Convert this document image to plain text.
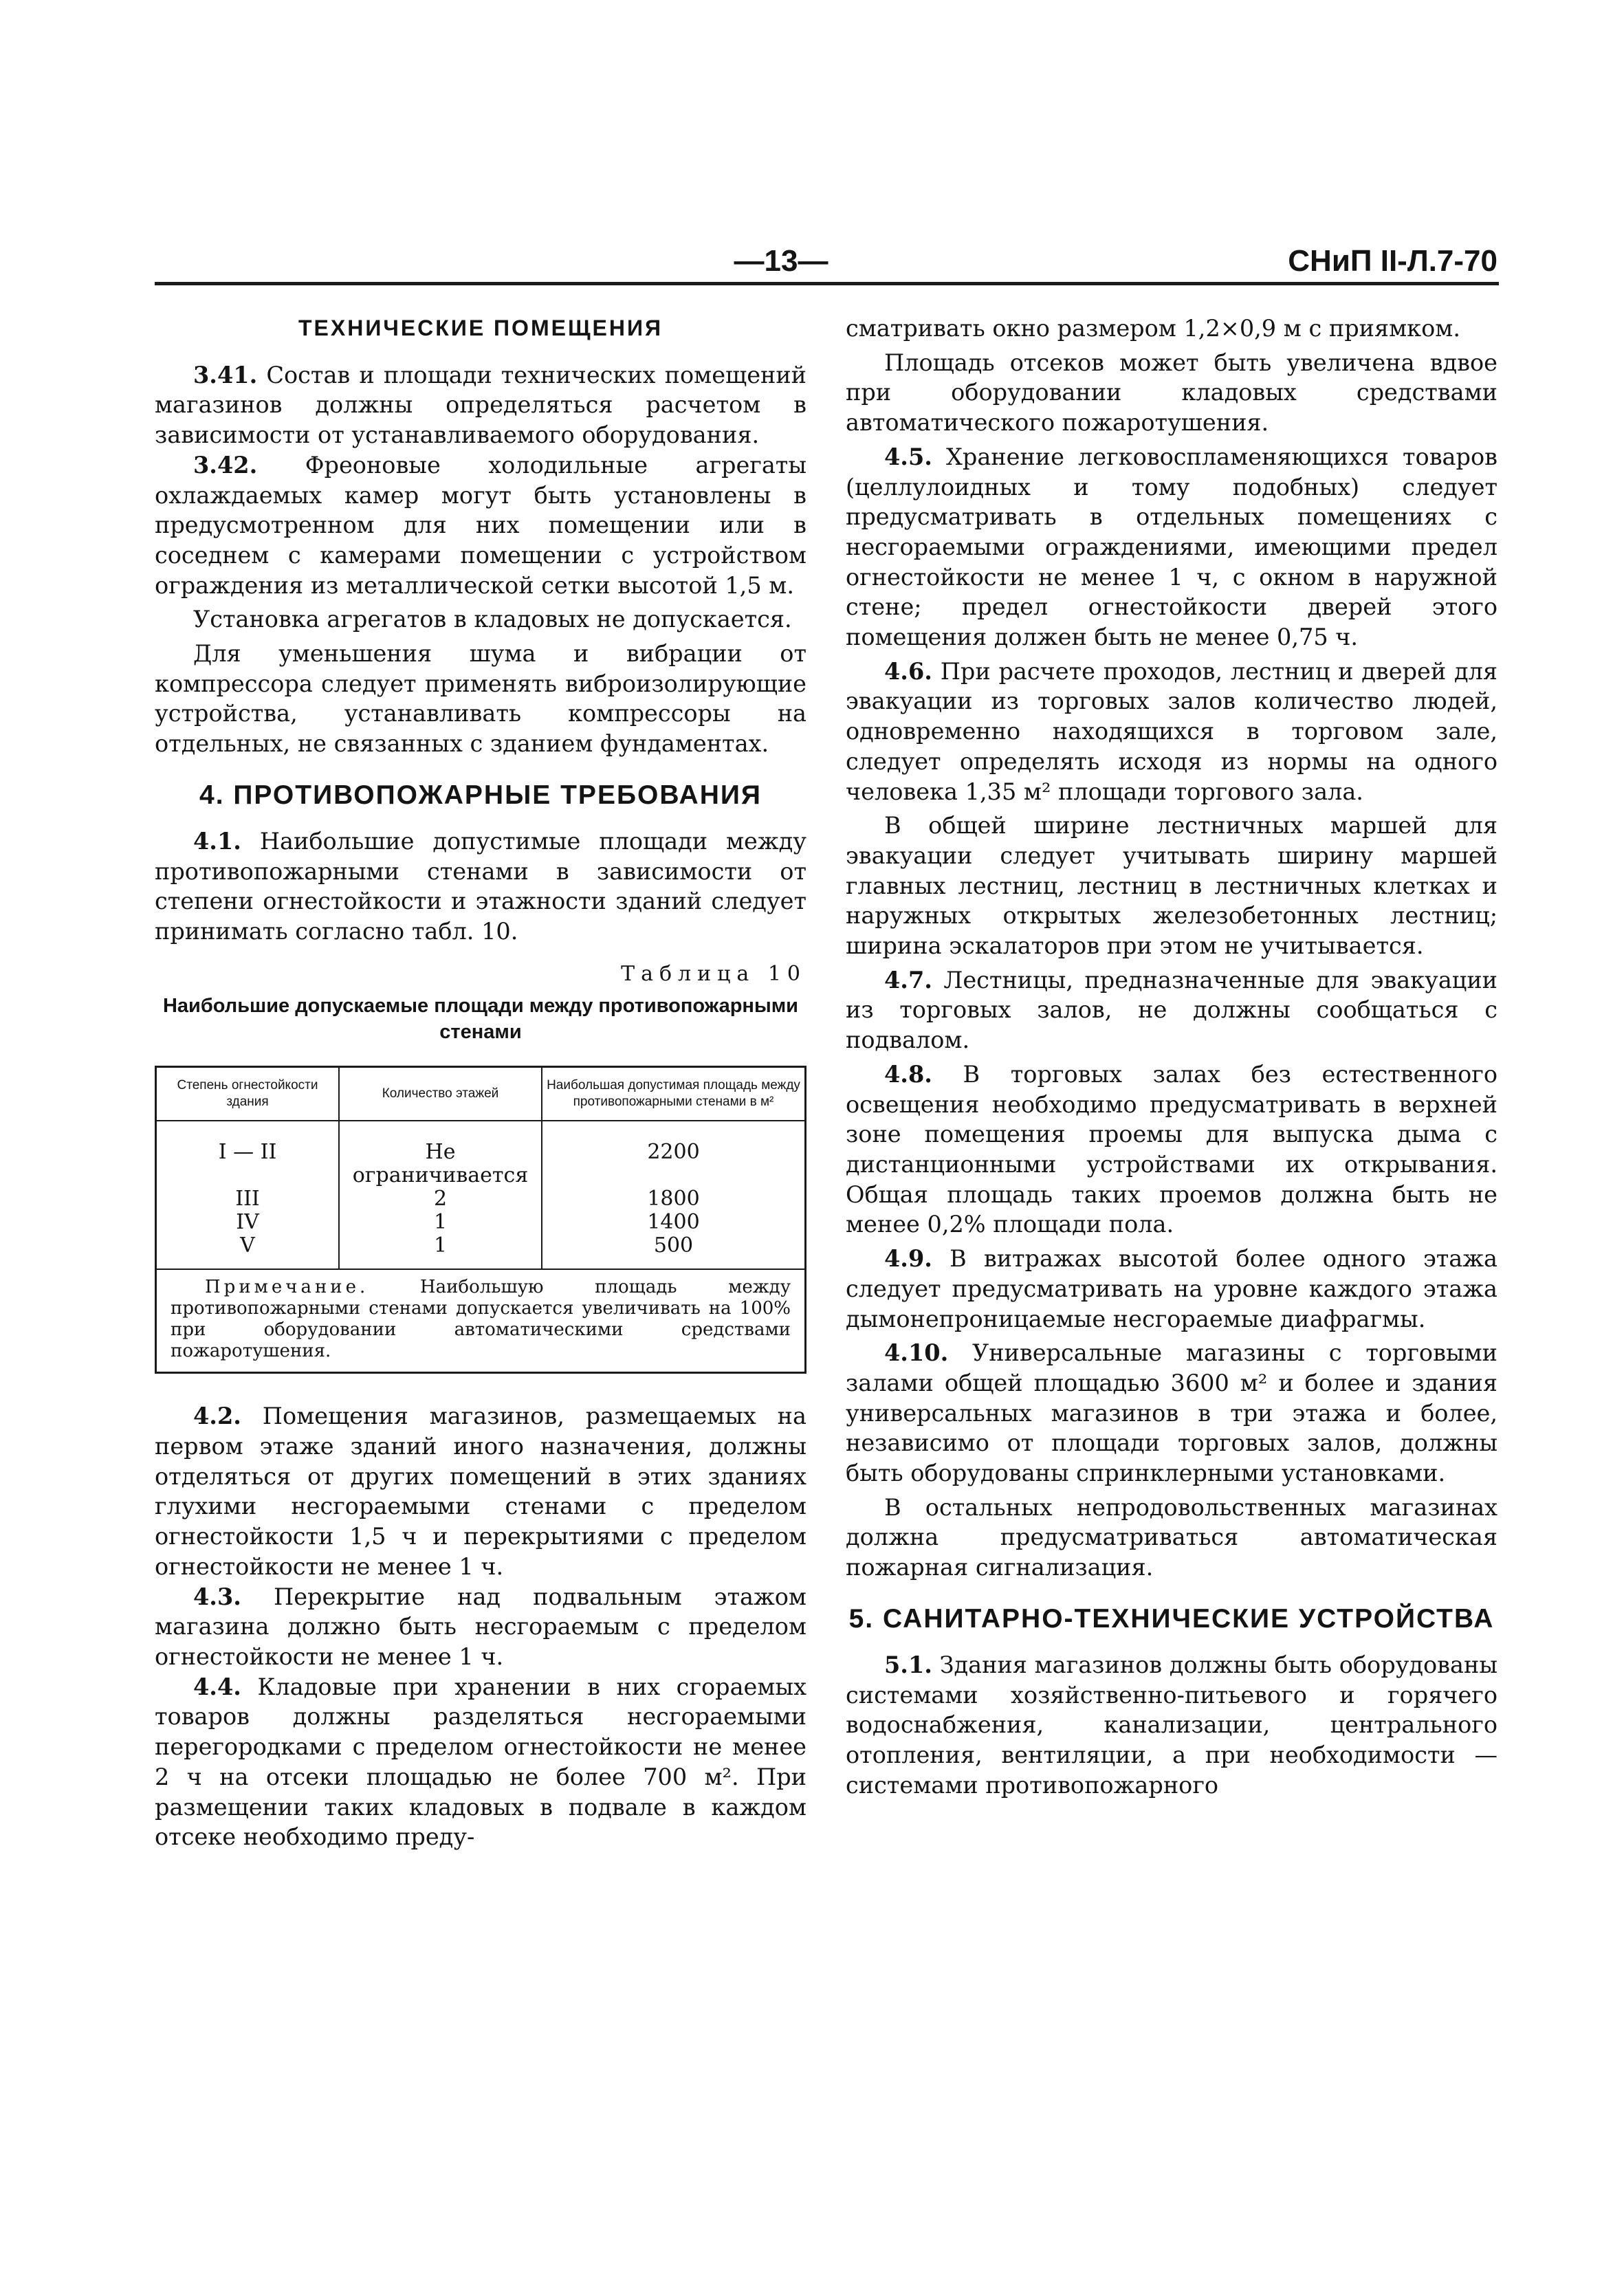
—13—	СНиП II-Л.7-70
ТЕХНИЧЕСКИЕ ПОМЕЩЕНИЯ

3.41. Состав и площади технических помещений магазинов должны определяться расчетом в зависимости от устанавливаемого оборудования.

3.42. Фреоновые холодильные агрегаты охлаждаемых камер могут быть установлены в предусмотренном для них помещении или в соседнем с камерами помещении с устройством ограждения из металлической сетки высотой 1,5 м.

Установка агрегатов в кладовых не допускается.

Для уменьшения шума и вибрации от компрессора следует применять виброизолирующие устройства, устанавливать компрессоры на отдельных, не связанных с зданием фундаментах.

4. ПРОТИВОПОЖАРНЫЕ ТРЕБОВАНИЯ

4.1. Наибольшие допустимые площади между противопожарными стенами в зависимости от степени огнестойкости и этажности зданий следует принимать согласно табл. 10.

Таблица 10
Наибольшие допускаемые площади между противопожарными стенами
Степень огнестойкости здания	Количество этажей	Наибольшая допустимая площадь между противопожарными стенами в м²
I — II	Не ограничивается	2200
III	2	1800
IV	1	1400
V	1	500
Примечание. Наибольшую площадь между противопожарными стенами допускается увеличивать на 100% при оборудовании автоматическими средствами пожаротушения.

4.2. Помещения магазинов, размещаемых на первом этаже зданий иного назначения, должны отделяться от других помещений в этих зданиях глухими несгораемыми стенами с пределом огнестойкости 1,5 ч и перекрытиями с пределом огнестойкости не менее 1 ч.

4.3. Перекрытие над подвальным этажом магазина должно быть несгораемым с пределом огнестойкости не менее 1 ч.

4.4. Кладовые при хранении в них сгораемых товаров должны разделяться несгораемыми перегородками с пределом огнестойкости не менее 2 ч на отсеки площадью не более 700 м². При размещении таких кладовых в подвале в каждом отсеке необходимо преду-

сматривать окно размером 1,2×0,9 м с приямком.

Площадь отсеков может быть увеличена вдвое при оборудовании кладовых средствами автоматического пожаротушения.

4.5. Хранение легковоспламеняющихся товаров (целлулоидных и тому подобных) следует предусматривать в отдельных помещениях с несгораемыми ограждениями, имеющими предел огнестойкости не менее 1 ч, с окном в наружной стене; предел огнестойкости дверей этого помещения должен быть не менее 0,75 ч.

4.6. При расчете проходов, лестниц и дверей для эвакуации из торговых залов количество людей, одновременно находящихся в торговом зале, следует определять исходя из нормы на одного человека 1,35 м² площади торгового зала.

В общей ширине лестничных маршей для эвакуации следует учитывать ширину маршей главных лестниц, лестниц в лестничных клетках и наружных открытых железобетонных лестниц; ширина эскалаторов при этом не учитывается.

4.7. Лестницы, предназначенные для эвакуации из торговых залов, не должны сообщаться с подвалом.

4.8. В торговых залах без естественного освещения необходимо предусматривать в верхней зоне помещения проемы для выпуска дыма с дистанционными устройствами их открывания. Общая площадь таких проемов должна быть не менее 0,2% площади пола.

4.9. В витражах высотой более одного этажа следует предусматривать на уровне каждого этажа дымонепроницаемые несгораемые диафрагмы.

4.10. Универсальные магазины с торговыми залами общей площадью 3600 м² и более и здания универсальных магазинов в три этажа и более, независимо от площади торговых залов, должны быть оборудованы спринклерными установками.

В остальных непродовольственных магазинах должна предусматриваться автоматическая пожарная сигнализация.

5. САНИТАРНО-ТЕХНИЧЕСКИЕ УСТРОЙСТВА

5.1. Здания магазинов должны быть оборудованы системами хозяйственно-питьевого и горячего водоснабжения, канализации, центрального отопления, вентиляции, а при необходимости — системами противопожарного
